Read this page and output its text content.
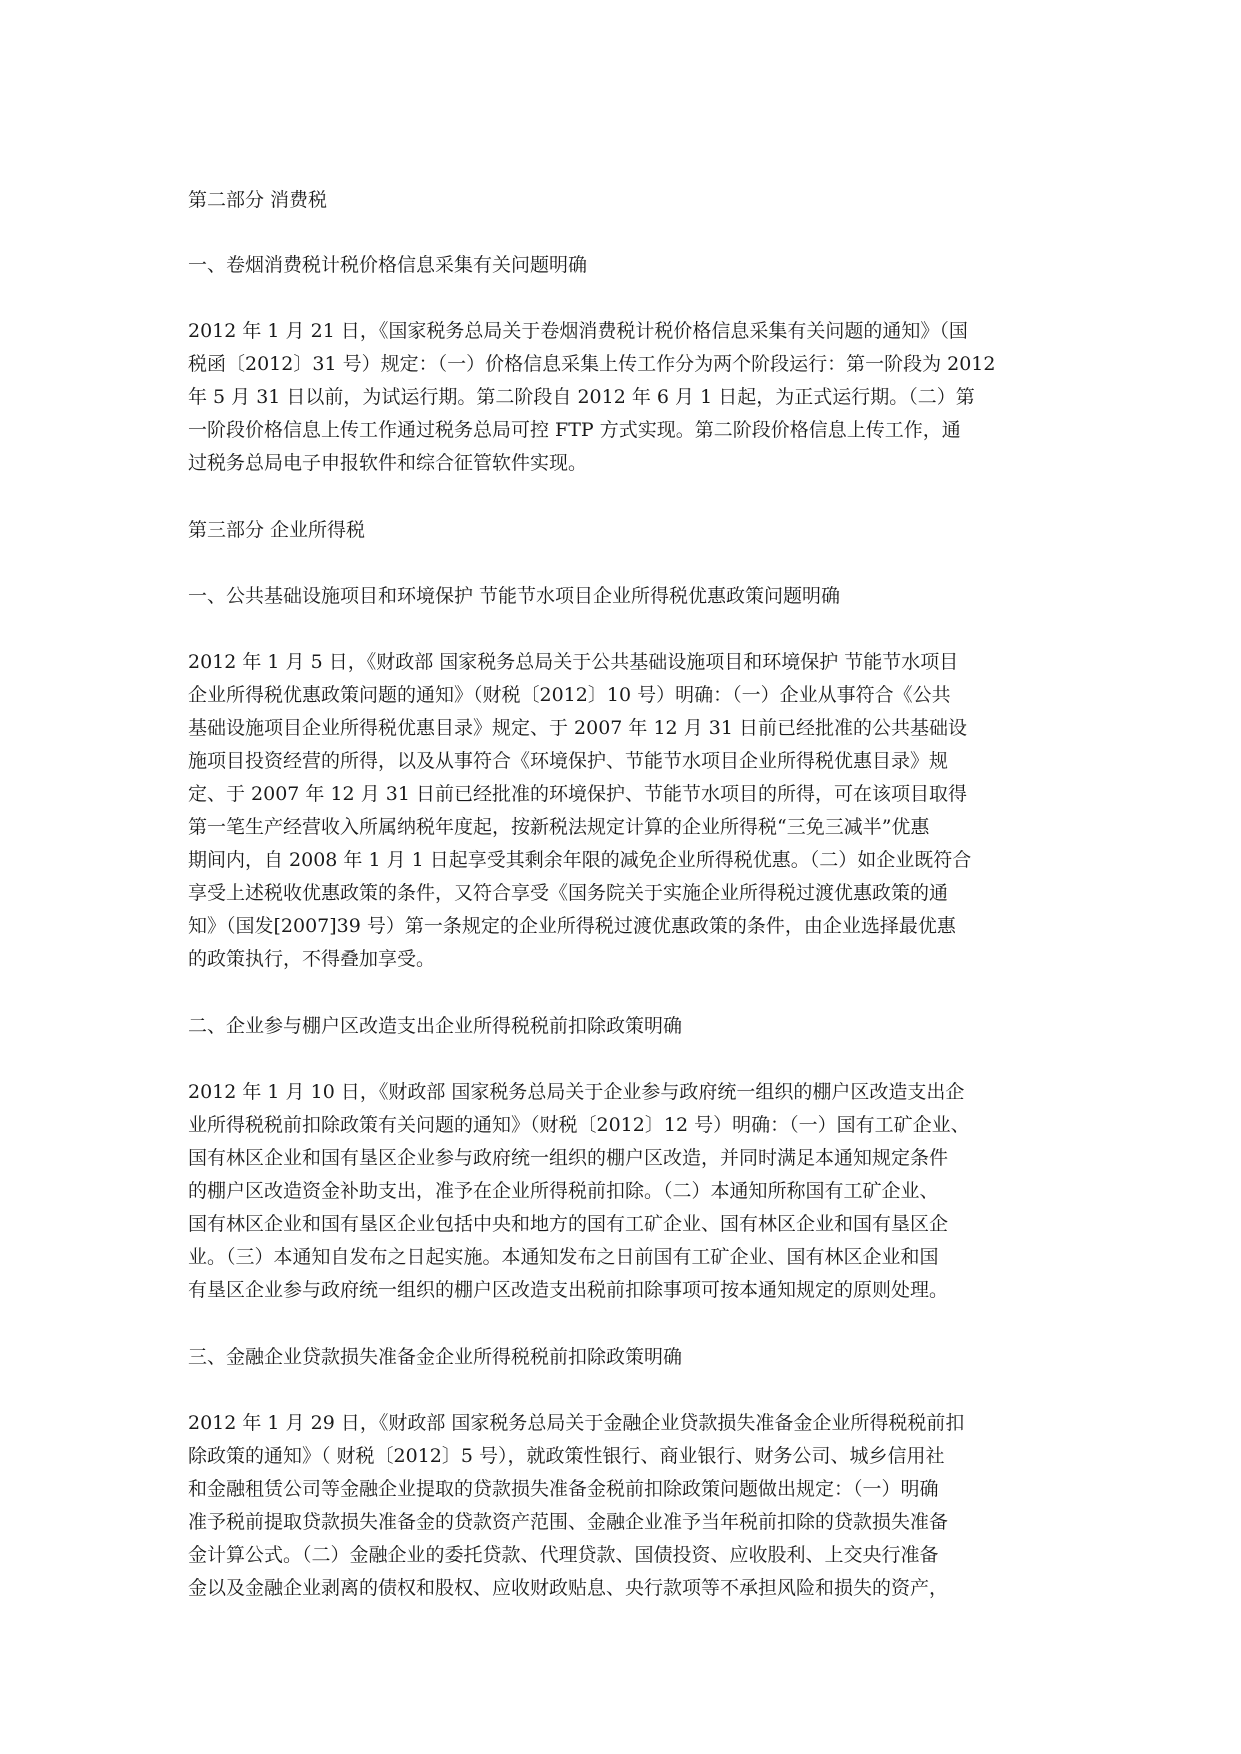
第二部分 消费税

一、卷烟消费税计税价格信息采集有关问题明确

2012 年 1 月 21 日，《国家税务总局关于卷烟消费税计税价格信息采集有关问题的通知》（国
税函〔2012〕31 号）规定：（一）价格信息采集上传工作分为两个阶段运行：第一阶段为 2012
年 5 月 31 日以前，为试运行期。第二阶段自 2012 年 6 月 1 日起，为正式运行期。（二）第
一阶段价格信息上传工作通过税务总局可控 FTP 方式实现。第二阶段价格信息上传工作，通
过税务总局电子申报软件和综合征管软件实现。

第三部分 企业所得税

一、公共基础设施项目和环境保护 节能节水项目企业所得税优惠政策问题明确

2012 年 1 月 5 日，《财政部 国家税务总局关于公共基础设施项目和环境保护 节能节水项目
企业所得税优惠政策问题的通知》（财税〔2012〕10 号）明确：（一）企业从事符合《公共
基础设施项目企业所得税优惠目录》规定、于 2007 年 12 月 31 日前已经批准的公共基础设
施项目投资经营的所得，以及从事符合《环境保护、节能节水项目企业所得税优惠目录》规
定、于 2007 年 12 月 31 日前已经批准的环境保护、节能节水项目的所得，可在该项目取得
第一笔生产经营收入所属纳税年度起，按新税法规定计算的企业所得税“三免三减半”优惠
期间内，自 2008 年 1 月 1 日起享受其剩余年限的减免企业所得税优惠。（二）如企业既符合
享受上述税收优惠政策的条件，又符合享受《国务院关于实施企业所得税过渡优惠政策的通
知》（国发[2007]39 号）第一条规定的企业所得税过渡优惠政策的条件，由企业选择最优惠
的政策执行，不得叠加享受。

二、企业参与棚户区改造支出企业所得税税前扣除政策明确

2012 年 1 月 10 日，《财政部 国家税务总局关于企业参与政府统一组织的棚户区改造支出企
业所得税税前扣除政策有关问题的通知》（财税〔2012〕12 号）明确：（一）国有工矿企业、
国有林区企业和国有垦区企业参与政府统一组织的棚户区改造，并同时满足本通知规定条件
的棚户区改造资金补助支出，准予在企业所得税前扣除。（二）本通知所称国有工矿企业、
国有林区企业和国有垦区企业包括中央和地方的国有工矿企业、国有林区企业和国有垦区企
业。（三）本通知自发布之日起实施。本通知发布之日前国有工矿企业、国有林区企业和国
有垦区企业参与政府统一组织的棚户区改造支出税前扣除事项可按本通知规定的原则处理。

三、金融企业贷款损失准备金企业所得税税前扣除政策明确

2012 年 1 月 29 日，《财政部 国家税务总局关于金融企业贷款损失准备金企业所得税税前扣
除政策的通知》（ 财税〔2012〕5 号），就政策性银行、商业银行、财务公司、城乡信用社
和金融租赁公司等金融企业提取的贷款损失准备金税前扣除政策问题做出规定：（一）明确
准予税前提取贷款损失准备金的贷款资产范围、金融企业准予当年税前扣除的贷款损失准备
金计算公式。（二）金融企业的委托贷款、代理贷款、国债投资、应收股利、上交央行准备
金以及金融企业剥离的债权和股权、应收财政贴息、央行款项等不承担风险和损失的资产，
